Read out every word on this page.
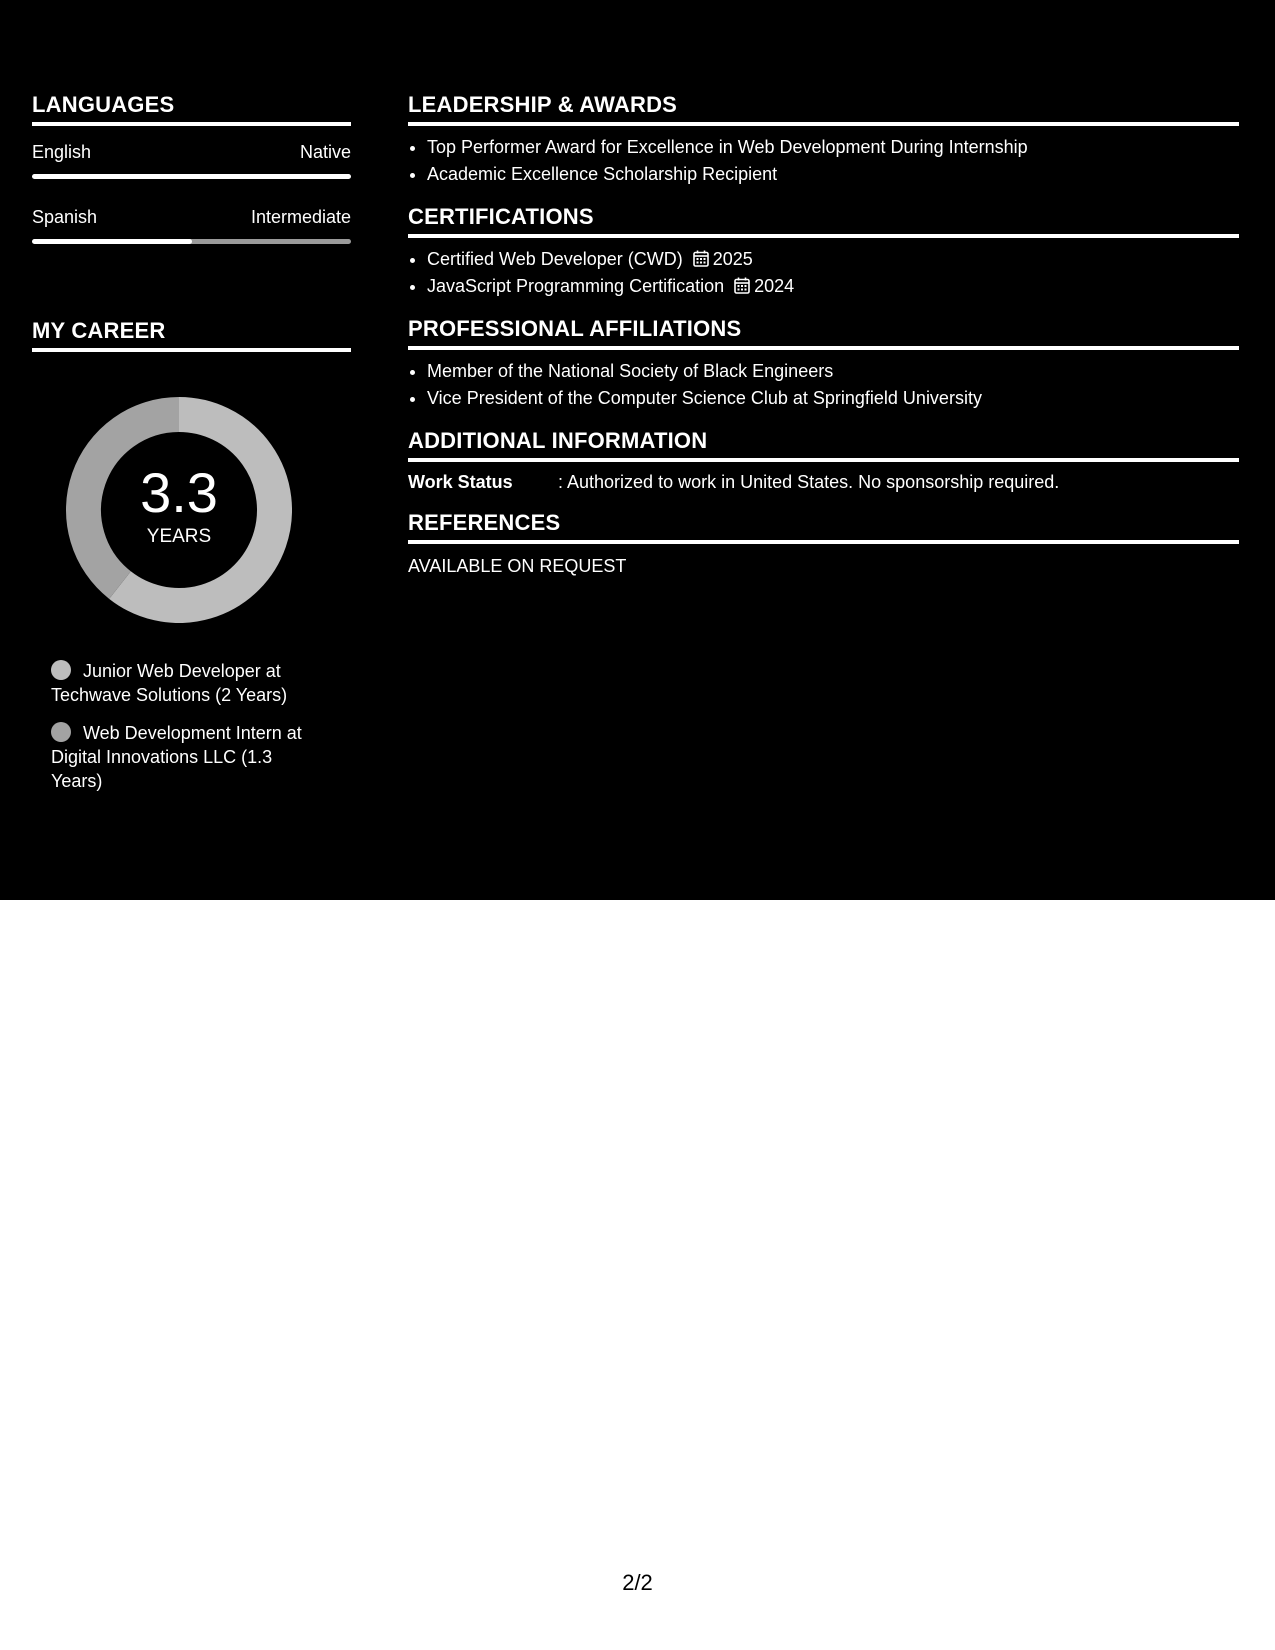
LANGUAGES
English	Native
Spanish	Intermediate
MY CAREER
3.3
YEARS
Junior Web Developer at Techwave Solutions (2 Years)
Web Development Intern at Digital Innovations LLC (1.3 Years)
LEADERSHIP & AWARDS
• Top Performer Award for Excellence in Web Development During Internship
• Academic Excellence Scholarship Recipient
CERTIFICATIONS
• Certified Web Developer (CWD) 2025
• JavaScript Programming Certification 2024
PROFESSIONAL AFFILIATIONS
• Member of the National Society of Black Engineers
• Vice President of the Computer Science Club at Springfield University
ADDITIONAL INFORMATION
Work Status	: Authorized to work in United States. No sponsorship required.
REFERENCES
AVAILABLE ON REQUEST
2/2
